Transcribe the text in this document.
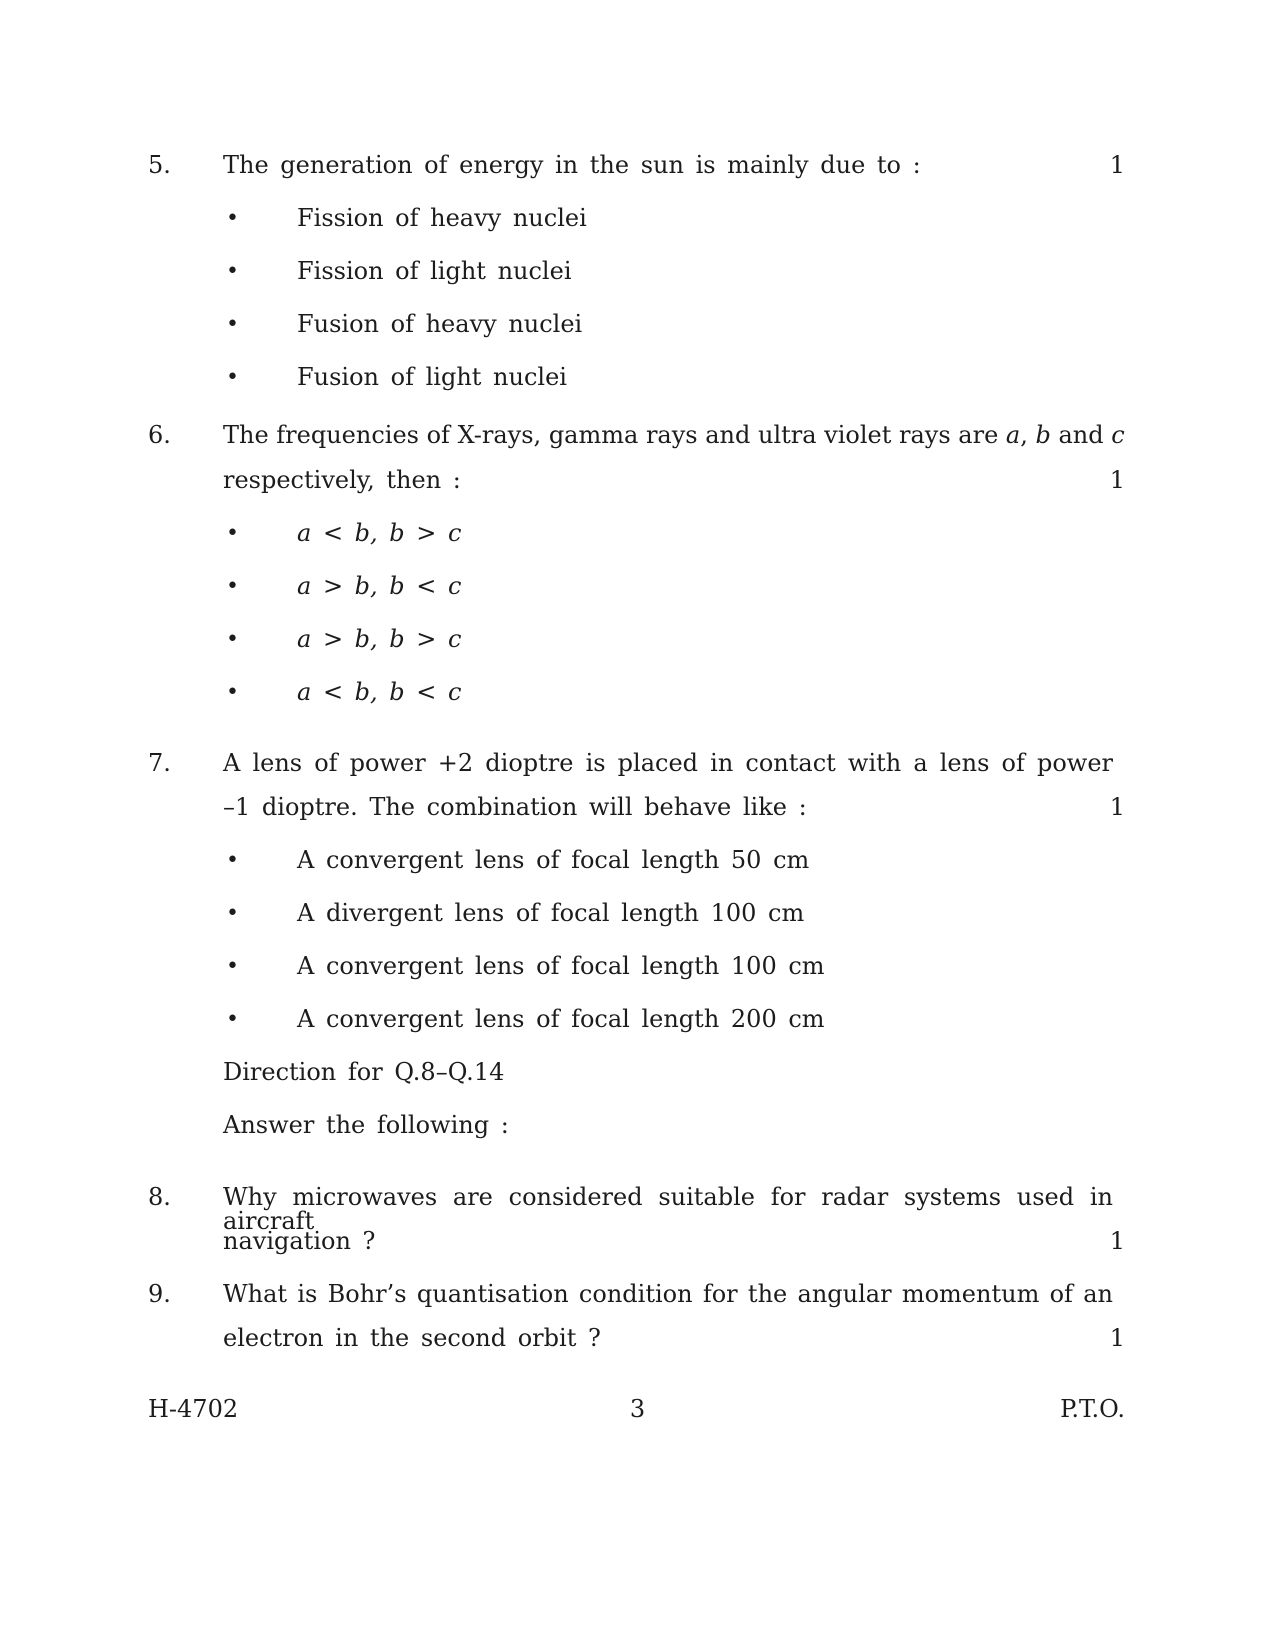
5. The generation of energy in the sun is mainly due to :	1
• Fission of heavy nuclei
• Fission of light nuclei
• Fusion of heavy nuclei
• Fusion of light nuclei
6. The frequencies of X-rays, gamma rays and ultra violet rays are a, b and c
respectively, then :	1
• a < b, b > c
• a > b, b < c
• a > b, b > c
• a < b, b < c
7. A lens of power +2 dioptre is placed in contact with a lens of power
–1 dioptre. The combination will behave like :	1
• A convergent lens of focal length 50 cm
• A divergent lens of focal length 100 cm
• A convergent lens of focal length 100 cm
• A convergent lens of focal length 200 cm
Direction for Q.8–Q.14
Answer the following :
8. Why microwaves are considered suitable for radar systems used in aircraft
navigation ?	1
9. What is Bohr’s quantisation condition for the angular momentum of an
electron in the second orbit ?	1
H-4702	3	P.T.O.
